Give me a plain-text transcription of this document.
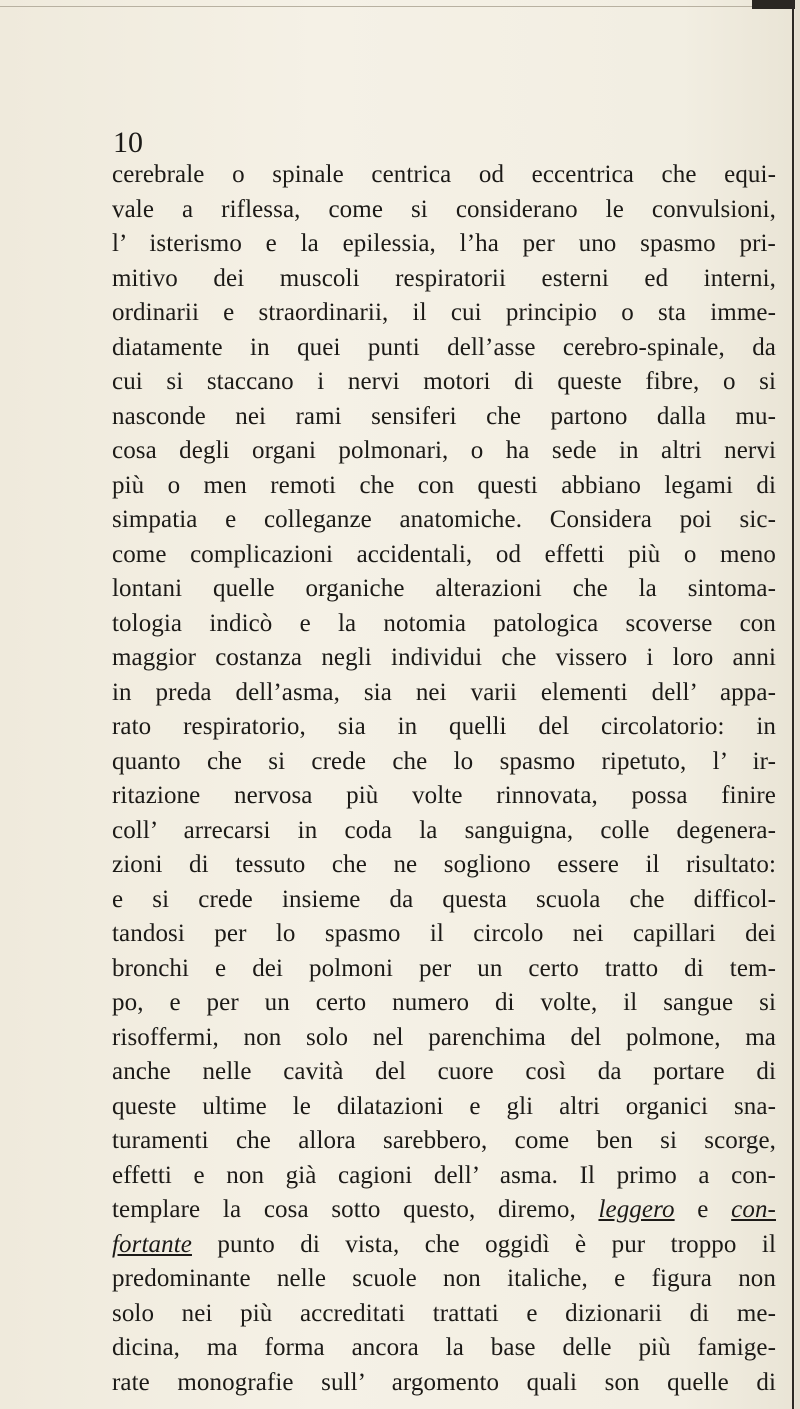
10
cerebrale o spinale centrica od eccentrica che equi-
vale a riflessa, come si considerano le convulsioni,
l’ isterismo e la epilessia, l’ha per uno spasmo pri-
mitivo dei muscoli respiratorii esterni ed interni,
ordinarii e straordinarii, il cui principio o sta imme-
diatamente in quei punti dell’asse cerebro-spinale, da
cui si staccano i nervi motori di queste fibre, o si
nasconde nei rami sensiferi che partono dalla mu-
cosa degli organi polmonari, o ha sede in altri nervi
più o men remoti che con questi abbiano legami di
simpatia e colleganze anatomiche. Considera poi sic-
come complicazioni accidentali, od effetti più o meno
lontani quelle organiche alterazioni che la sintoma-
tologia indicò e la notomia patologica scoverse con
maggior costanza negli individui che vissero i loro anni
in preda dell’asma, sia nei varii elementi dell’ appa-
rato respiratorio, sia in quelli del circolatorio: in
quanto che si crede che lo spasmo ripetuto, l’ ir-
ritazione nervosa più volte rinnovata, possa finire
coll’ arrecarsi in coda la sanguigna, colle degenera-
zioni di tessuto che ne sogliono essere il risultato:
e si crede insieme da questa scuola che difficol-
tandosi per lo spasmo il circolo nei capillari dei
bronchi e dei polmoni per un certo tratto di tem-
po, e per un certo numero di volte, il sangue si
risoffermi, non solo nel parenchima del polmone, ma
anche nelle cavità del cuore così da portare di
queste ultime le dilatazioni e gli altri organici sna-
turamenti che allora sarebbero, come ben si scorge,
effetti e non già cagioni dell’ asma. Il primo a con-
templare la cosa sotto questo, diremo, leggero e con-
fortante punto di vista, che oggidì è pur troppo il
predominante nelle scuole non italiche, e figura non
solo nei più accreditati trattati e dizionarii di me-
dicina, ma forma ancora la base delle più famige-
rate monografie sull’ argomento quali son quelle di
